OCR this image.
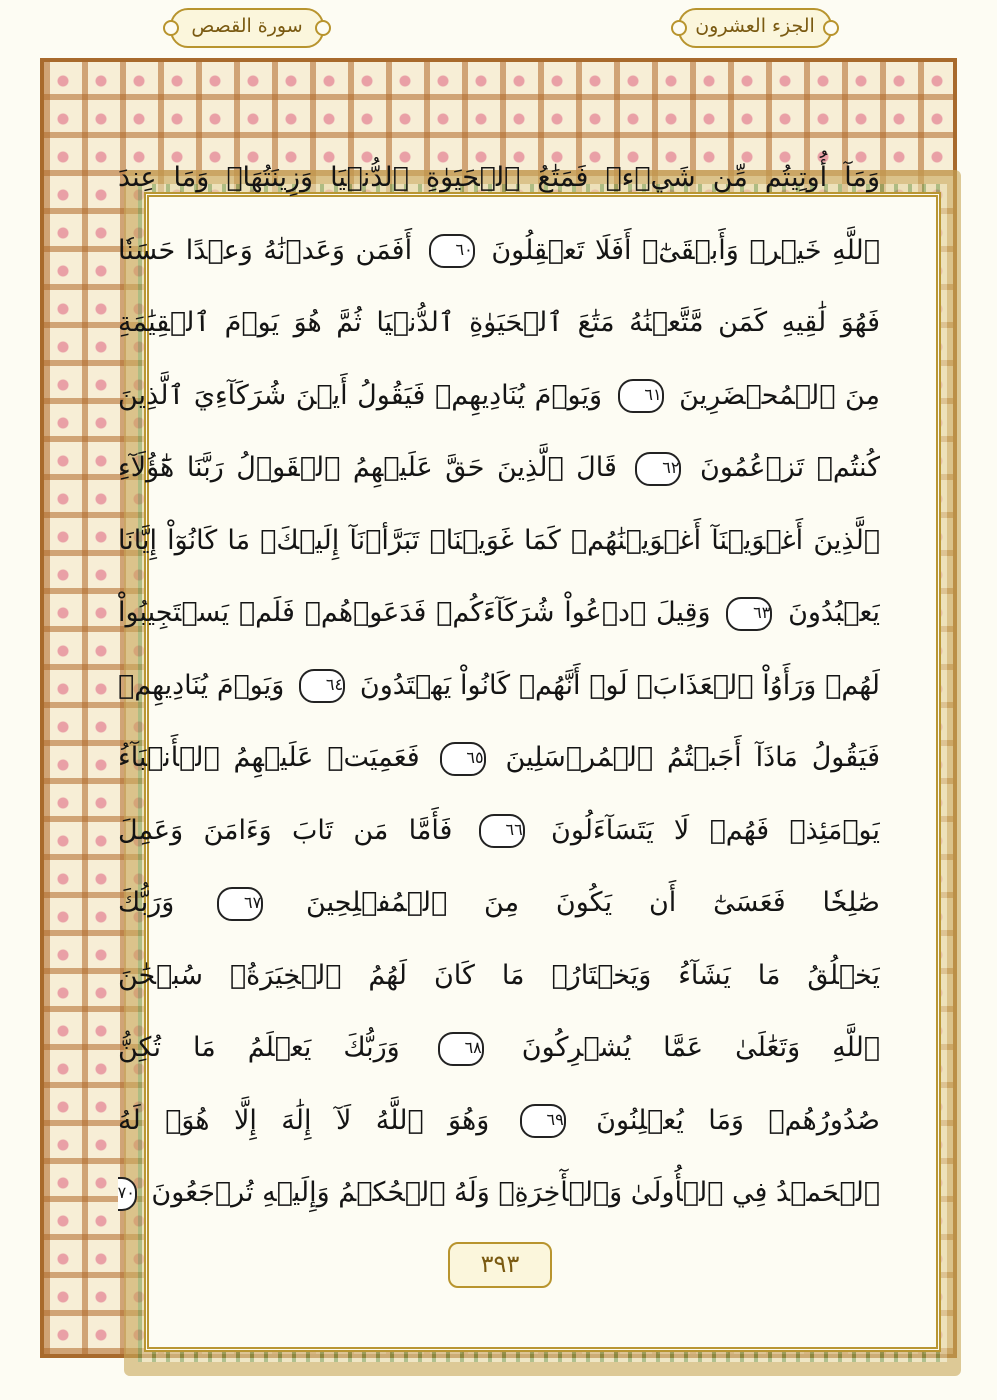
سورة القصص	الجزء العشرون
وَمَآ أُوتِيتُم مِّن شَيۡءٖ فَمَتَٰعُ ٱلۡحَيَوٰةِ ٱلدُّنۡيَا وَزِينَتُهَاۚ وَمَا عِندَ
ٱللَّهِ خَيۡرٞ وَأَبۡقَىٰٓۚ أَفَلَا تَعۡقِلُونَ ٦٠ أَفَمَن وَعَدۡنَٰهُ وَعۡدًا حَسَنٗا
فَهُوَ لَٰقِيهِ كَمَن مَّتَّعۡنَٰهُ مَتَٰعَ ٱلۡحَيَوٰةِ ٱلدُّنۡيَا ثُمَّ هُوَ يَوۡمَ ٱلۡقِيَٰمَةِ
مِنَ ٱلۡمُحۡضَرِينَ ٦١ وَيَوۡمَ يُنَادِيهِمۡ فَيَقُولُ أَيۡنَ شُرَكَآءِيَ ٱلَّذِينَ
كُنتُمۡ تَزۡعُمُونَ ٦٢ قَالَ ٱلَّذِينَ حَقَّ عَلَيۡهِمُ ٱلۡقَوۡلُ رَبَّنَا هَٰٓؤُلَآءِ
ٱلَّذِينَ أَغۡوَيۡنَآ أَغۡوَيۡنَٰهُمۡ كَمَا غَوَيۡنَاۖ تَبَرَّأۡنَآ إِلَيۡكَۖ مَا كَانُوٓاْ إِيَّانَا
يَعۡبُدُونَ ٦٣ وَقِيلَ ٱدۡعُواْ شُرَكَآءَكُمۡ فَدَعَوۡهُمۡ فَلَمۡ يَسۡتَجِيبُواْ
لَهُمۡ وَرَأَوُاْ ٱلۡعَذَابَۚ لَوۡ أَنَّهُمۡ كَانُواْ يَهۡتَدُونَ ٦٤ وَيَوۡمَ يُنَادِيهِمۡ
فَيَقُولُ مَاذَآ أَجَبۡتُمُ ٱلۡمُرۡسَلِينَ ٦٥ فَعَمِيَتۡ عَلَيۡهِمُ ٱلۡأَنۢبَآءُ
يَوۡمَئِذٖ فَهُمۡ لَا يَتَسَآءَلُونَ ٦٦ فَأَمَّا مَن تَابَ وَءَامَنَ وَعَمِلَ
صَٰلِحٗا فَعَسَىٰٓ أَن يَكُونَ مِنَ ٱلۡمُفۡلِحِينَ ٦٧ وَرَبُّكَ
يَخۡلُقُ مَا يَشَآءُ وَيَخۡتَارُۗ مَا كَانَ لَهُمُ ٱلۡخِيَرَةُۚ سُبۡحَٰنَ
ٱللَّهِ وَتَعَٰلَىٰ عَمَّا يُشۡرِكُونَ ٦٨ وَرَبُّكَ يَعۡلَمُ مَا تُكِنُّ
صُدُورُهُمۡ وَمَا يُعۡلِنُونَ ٦٩ وَهُوَ ٱللَّهُ لَآ إِلَٰهَ إِلَّا هُوَۖ لَهُ
ٱلۡحَمۡدُ فِي ٱلۡأُولَىٰ وَٱلۡأٓخِرَةِۖ وَلَهُ ٱلۡحُكۡمُ وَإِلَيۡهِ تُرۡجَعُونَ ٧٠
٣٩٣
